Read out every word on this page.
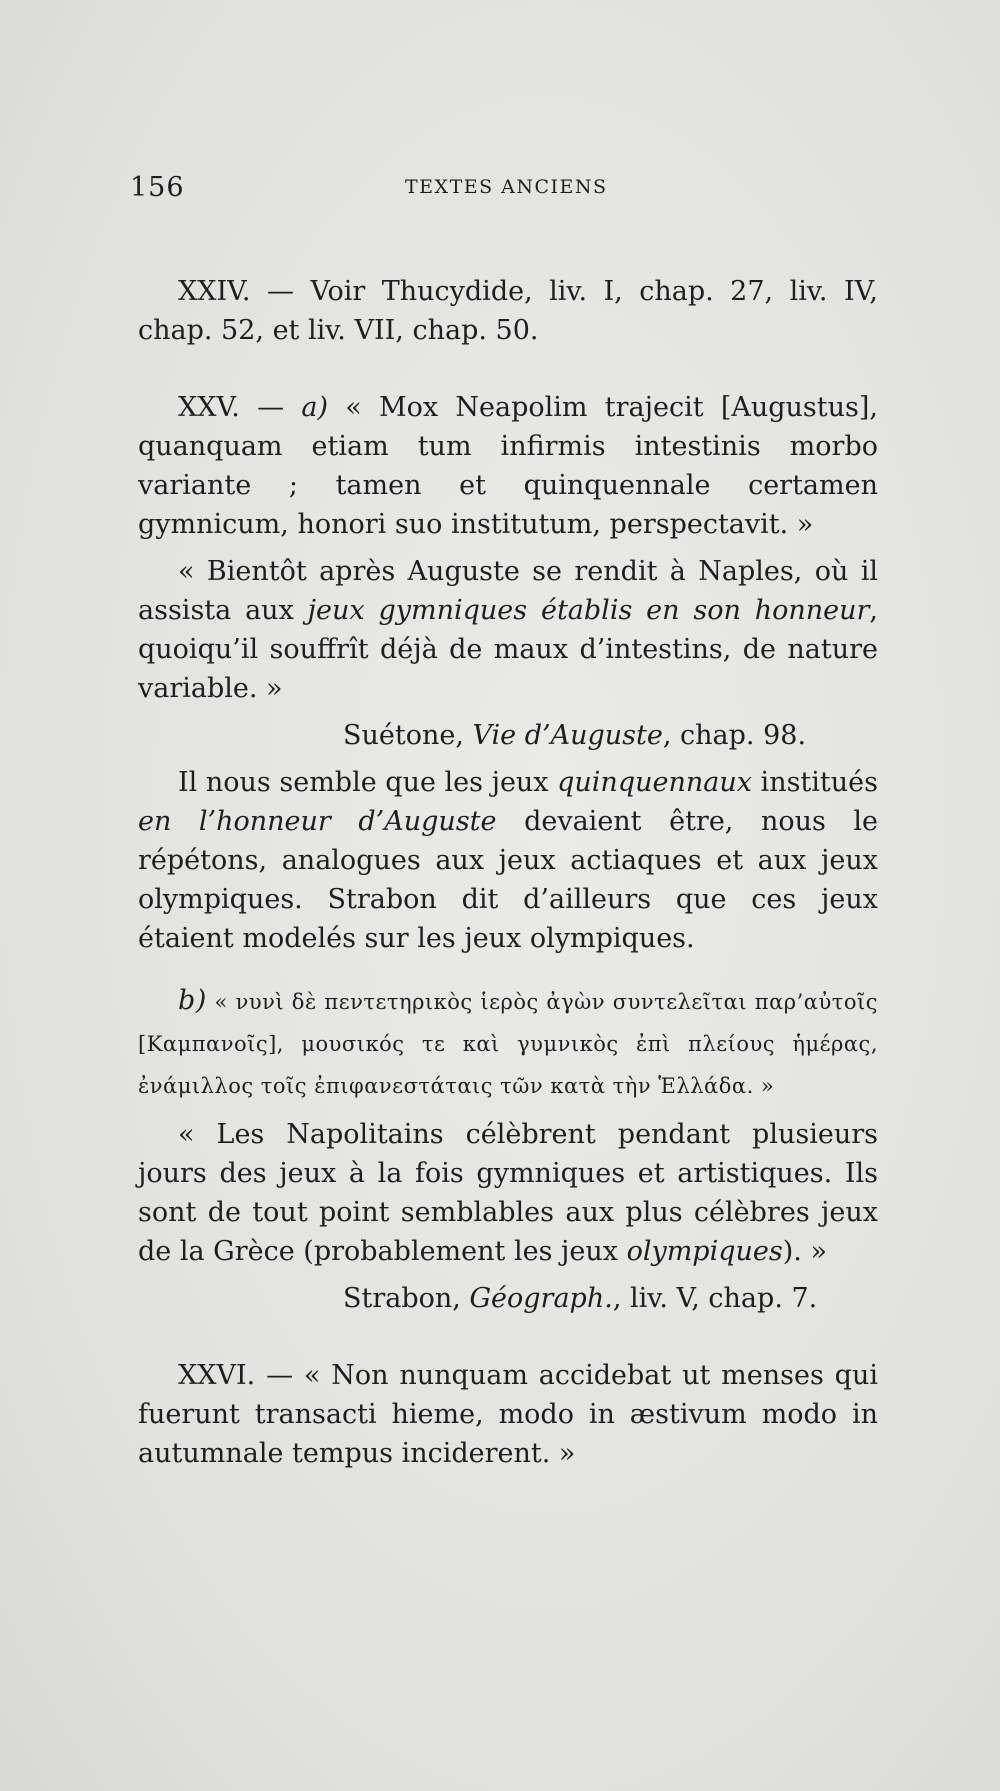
156	TEXTES ANCIENS

XXIV. — Voir Thucydide, liv. I, chap. 27, liv. IV, chap. 52, et liv. VII, chap. 50.

XXV. — a) « Mox Neapolim trajecit [Augustus], quanquam etiam tum infirmis intestinis morbo variante ; tamen et quinquennale certamen gymnicum, honori suo institutum, perspectavit. »

« Bientôt après Auguste se rendit à Naples, où il assista aux jeux gymniques établis en son honneur, quoiqu’il souffrît déjà de maux d’intestins, de nature variable. »

Suétone, Vie d’Auguste, chap. 98.

Il nous semble que les jeux quinquennaux institués en l’honneur d’Auguste devaient être, nous le répétons, analogues aux jeux actiaques et aux jeux olympiques. Strabon dit d’ailleurs que ces jeux étaient modelés sur les jeux olympiques.

b) « νυνὶ δὲ πεντετηρικὸς ἱερὸς ἀγὼν συντελεῖται παρ’αὐτοῖς [Καμπανοῖς], μουσικός τε καὶ γυμνικὸς ἐπὶ πλείους ἡμέρας, ἐνάμιλλος τοῖς ἐπιφανεστάταις τῶν κατὰ τὴν Ἑλλάδα. »

« Les Napolitains célèbrent pendant plusieurs jours des jeux à la fois gymniques et artistiques. Ils sont de tout point semblables aux plus célèbres jeux de la Grèce (probablement les jeux olympiques). »

Strabon, Géograph., liv. V, chap. 7.

XXVI. — « Non nunquam accidebat ut menses qui fuerunt transacti hieme, modo in æstivum modo in autumnale tempus inciderent. »
